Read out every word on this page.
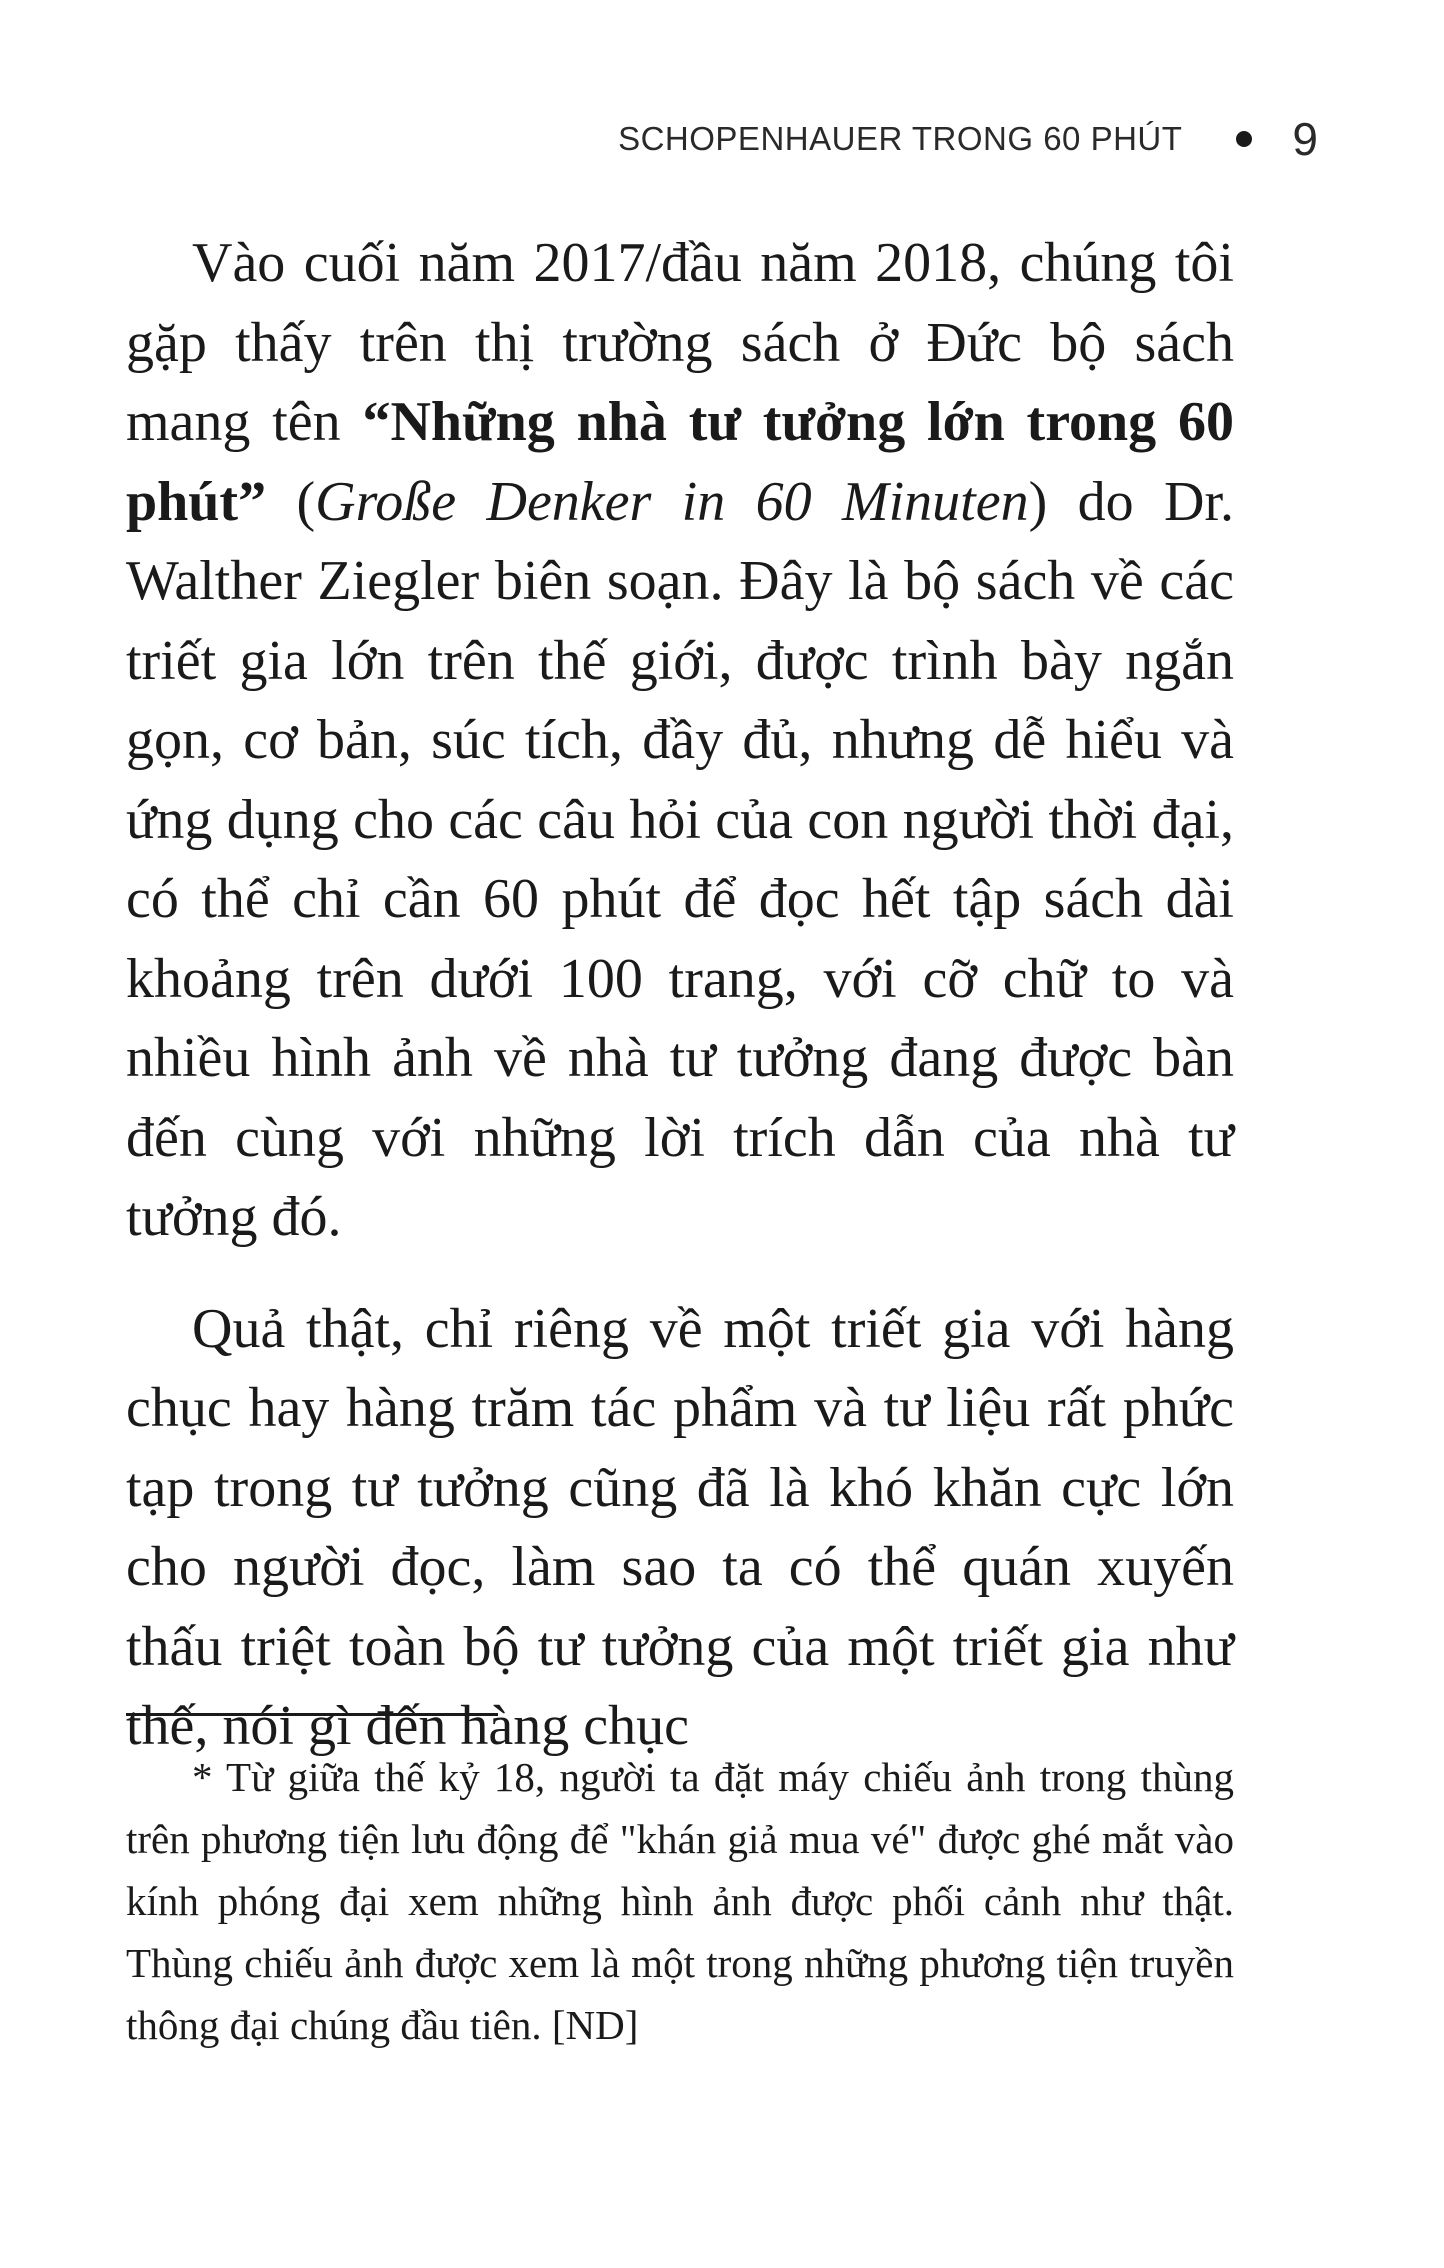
SCHOPENHAUER TRONG 60 PHÚT 9

Vào cuối năm 2017/đầu năm 2018, chúng tôi gặp thấy trên thị trường sách ở Đức bộ sách mang tên “Những nhà tư tưởng lớn trong 60 phút” (Große Denker in 60 Minuten) do Dr. Walther Ziegler biên soạn. Đây là bộ sách về các triết gia lớn trên thế giới, được trình bày ngắn gọn, cơ bản, súc tích, đầy đủ, nhưng dễ hiểu và ứng dụng cho các câu hỏi của con người thời đại, có thể chỉ cần 60 phút để đọc hết tập sách dài khoảng trên dưới 100 trang, với cỡ chữ to và nhiều hình ảnh về nhà tư tưởng đang được bàn đến cùng với những lời trích dẫn của nhà tư tưởng đó.

Quả thật, chỉ riêng về một triết gia với hàng chục hay hàng trăm tác phẩm và tư liệu rất phức tạp trong tư tưởng cũng đã là khó khăn cực lớn cho người đọc, làm sao ta có thể quán xuyến thấu triệt toàn bộ tư tưởng của một triết gia như thế, nói gì đến hàng chục

* Từ giữa thế kỷ 18, người ta đặt máy chiếu ảnh trong thùng trên phương tiện lưu động để "khán giả mua vé" được ghé mắt vào kính phóng đại xem những hình ảnh được phối cảnh như thật. Thùng chiếu ảnh được xem là một trong những phương tiện truyền thông đại chúng đầu tiên. [ND]
